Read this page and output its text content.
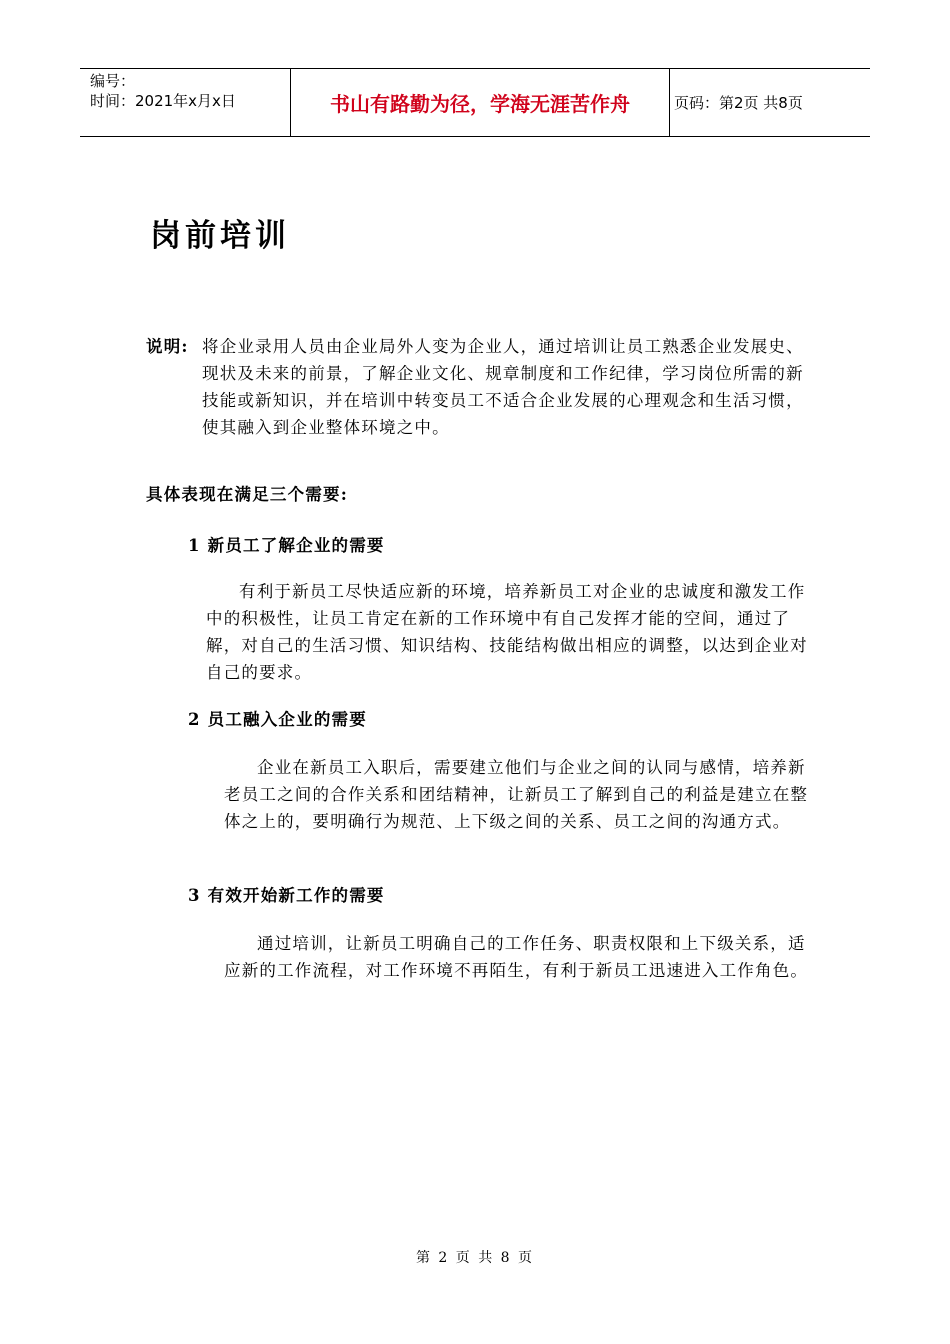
编号：
时间：2021年x月x日	书山有路勤为径，学海无涯苦作舟	页码：第2页 共8页
岗前培训
说明: 将企业录用人员由企业局外人变为企业人，通过培训让员工熟悉企业发展史、现状及未来的前景，了解企业文化、规章制度和工作纪律，学习岗位所需的新技能或新知识，并在培训中转变员工不适合企业发展的心理观念和生活习惯，使其融入到企业整体环境之中。
具体表现在满足三个需要:
1 新员工了解企业的需要
有利于新员工尽快适应新的环境，培养新员工对企业的忠诚度和激发工作中的积极性，让员工肯定在新的工作环境中有自己发挥才能的空间，通过了解，对自己的生活习惯、知识结构、技能结构做出相应的调整，以达到企业对自己的要求。
2 员工融入企业的需要
企业在新员工入职后，需要建立他们与企业之间的认同与感情，培养新老员工之间的合作关系和团结精神，让新员工了解到自己的利益是建立在整体之上的，要明确行为规范、上下级之间的关系、员工之间的沟通方式。
3 有效开始新工作的需要
通过培训，让新员工明确自己的工作任务、职责权限和上下级关系，适应新的工作流程，对工作环境不再陌生，有利于新员工迅速进入工作角色。
第 2 页 共 8 页
